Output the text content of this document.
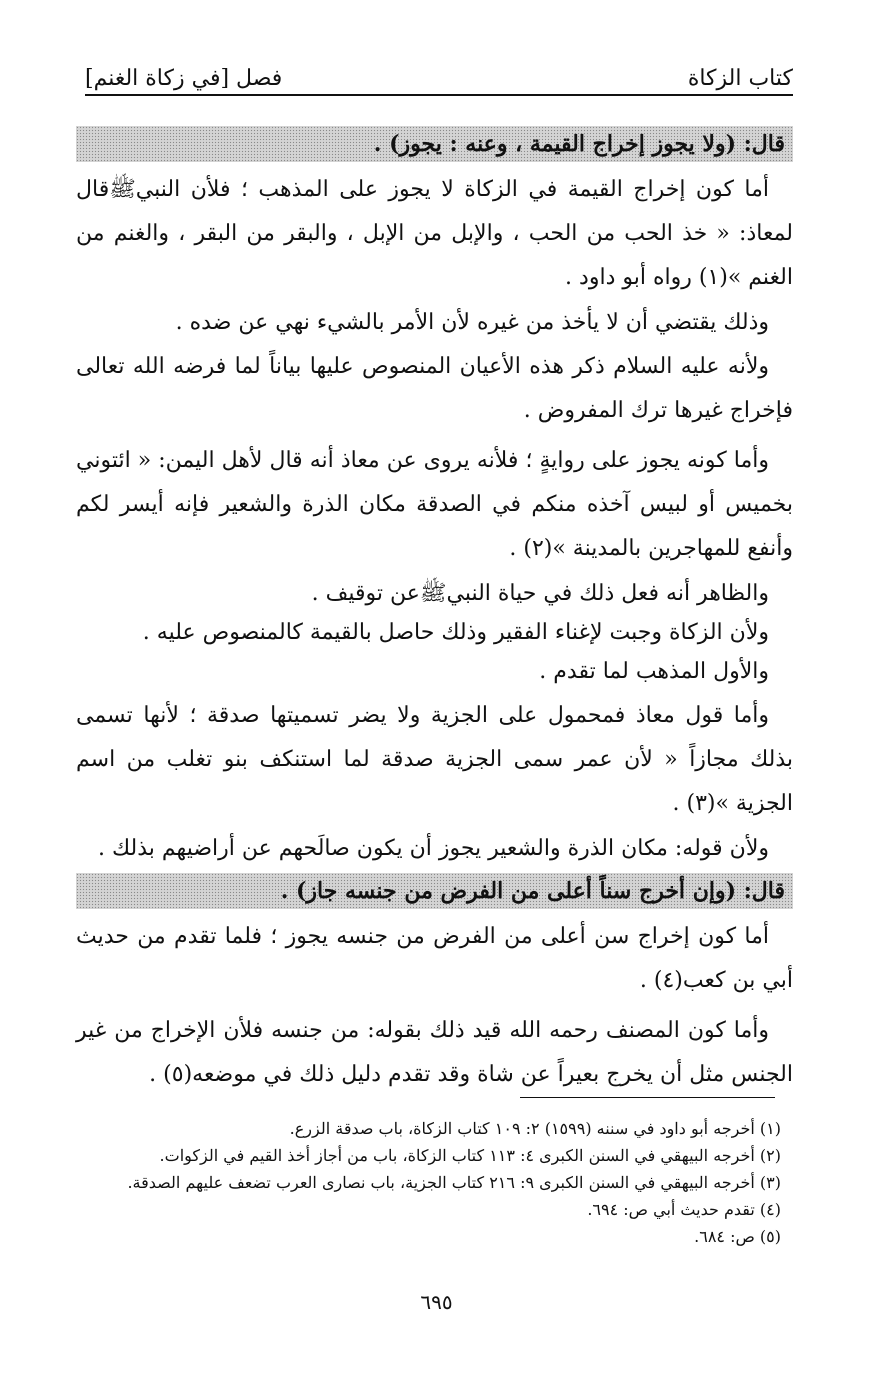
كتاب الزكاة
فصل [في زكاة الغنم]
قال: (ولا يجوز إخراج القيمة ، وعنه : يجوز) .

أما كون إخراج القيمة في الزكاة لا يجوز على المذهب ؛ فلأن النبيﷺقال لمعاذ: « خذ الحب من الحب ، والإبل من الإبل ، والبقر من البقر ، والغنم من الغنم »(١) رواه أبو داود .

وذلك يقتضي أن لا يأخذ من غيره لأن الأمر بالشيء نهي عن ضده .

ولأنه عليه السلام ذكر هذه الأعيان المنصوص عليها بياناً لما فرضه الله تعالى فإخراج غيرها ترك المفروض .

وأما كونه يجوز على روايةٍ ؛ فلأنه يروى عن معاذ أنه قال لأهل اليمن: « ائتوني بخميس أو لبيس آخذه منكم في الصدقة مكان الذرة والشعير فإنه أيسر لكم وأنفع للمهاجرين بالمدينة »(٢) .

والظاهر أنه فعل ذلك في حياة النبيﷺعن توقيف .

ولأن الزكاة وجبت لإغناء الفقير وذلك حاصل بالقيمة كالمنصوص عليه .

والأول المذهب لما تقدم .

وأما قول معاذ فمحمول على الجزية ولا يضر تسميتها صدقة ؛ لأنها تسمى بذلك مجازاً « لأن عمر سمى الجزية صدقة لما استنكف بنو تغلب من اسم الجزية »(٣) .

ولأن قوله: مكان الذرة والشعير يجوز أن يكون صالَحهم عن أراضيهم بذلك .

قال: (وإن أخرج سناً أعلى من الفرض من جنسه جاز) .

أما كون إخراج سن أعلى من الفرض من جنسه يجوز ؛ فلما تقدم من حديث أبي بن كعب(٤) .

وأما كون المصنف رحمه الله قيد ذلك بقوله: من جنسه فلأن الإخراج من غير الجنس مثل أن يخرج بعيراً عن شاة وقد تقدم دليل ذلك في موضعه(٥) .

(١) أخرجه أبو داود في سننه (١٥٩٩) ٢: ١٠٩ كتاب الزكاة، باب صدقة الزرع.
(٢) أخرجه البيهقي في السنن الكبرى ٤: ١١٣ كتاب الزكاة، باب من أجاز أخذ القيم في الزكوات.
(٣) أخرجه البيهقي في السنن الكبرى ٩: ٢١٦ كتاب الجزية، باب نصارى العرب تضعف عليهم الصدقة.
(٤) تقدم حديث أبي ص: ٦٩٤.
(٥) ص: ٦٨٤.
٦٩٥
